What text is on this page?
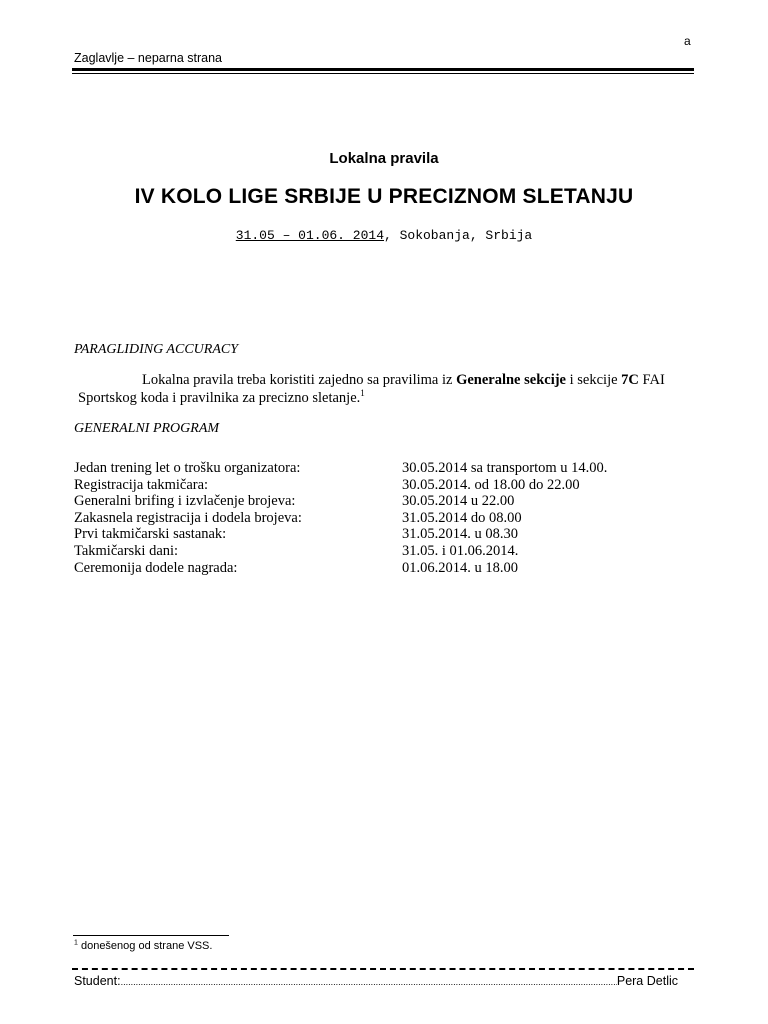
a
Zaglavlje – neparna strana
Lokalna pravila
IV KOLO LIGE SRBIJE U PRECIZNOM SLETANJU
31.05 – 01.06. 2014, Sokobanja, Srbija
PARAGLIDING ACCURACY
Lokalna pravila treba koristiti zajedno sa pravilima iz Generalne sekcije i sekcije 7C FAI Sportskog koda i pravilnika za precizno sletanje.$^1$
GENERALNI PROGRAM
Jedan trening let o trošku organizatora:	30.05.2014 sa transportom u 14.00.
Registracija takmičara:	30.05.2014. od 18.00 do 22.00
Generalni brifing i izvlačenje brojeva:	30.05.2014 u 22.00
Zakasnela registracija i dodela brojeva:	31.05.2014 do 08.00
Prvi takmičarski sastanak:	31.05.2014. u 08.30
Takmičarski dani:	31.05. i 01.06.2014.
Ceremonija dodele nagrada:	01.06.2014. u 18.00
$^1$ donešenog od strane VSS.
Student:
.....	Pera Detlic
